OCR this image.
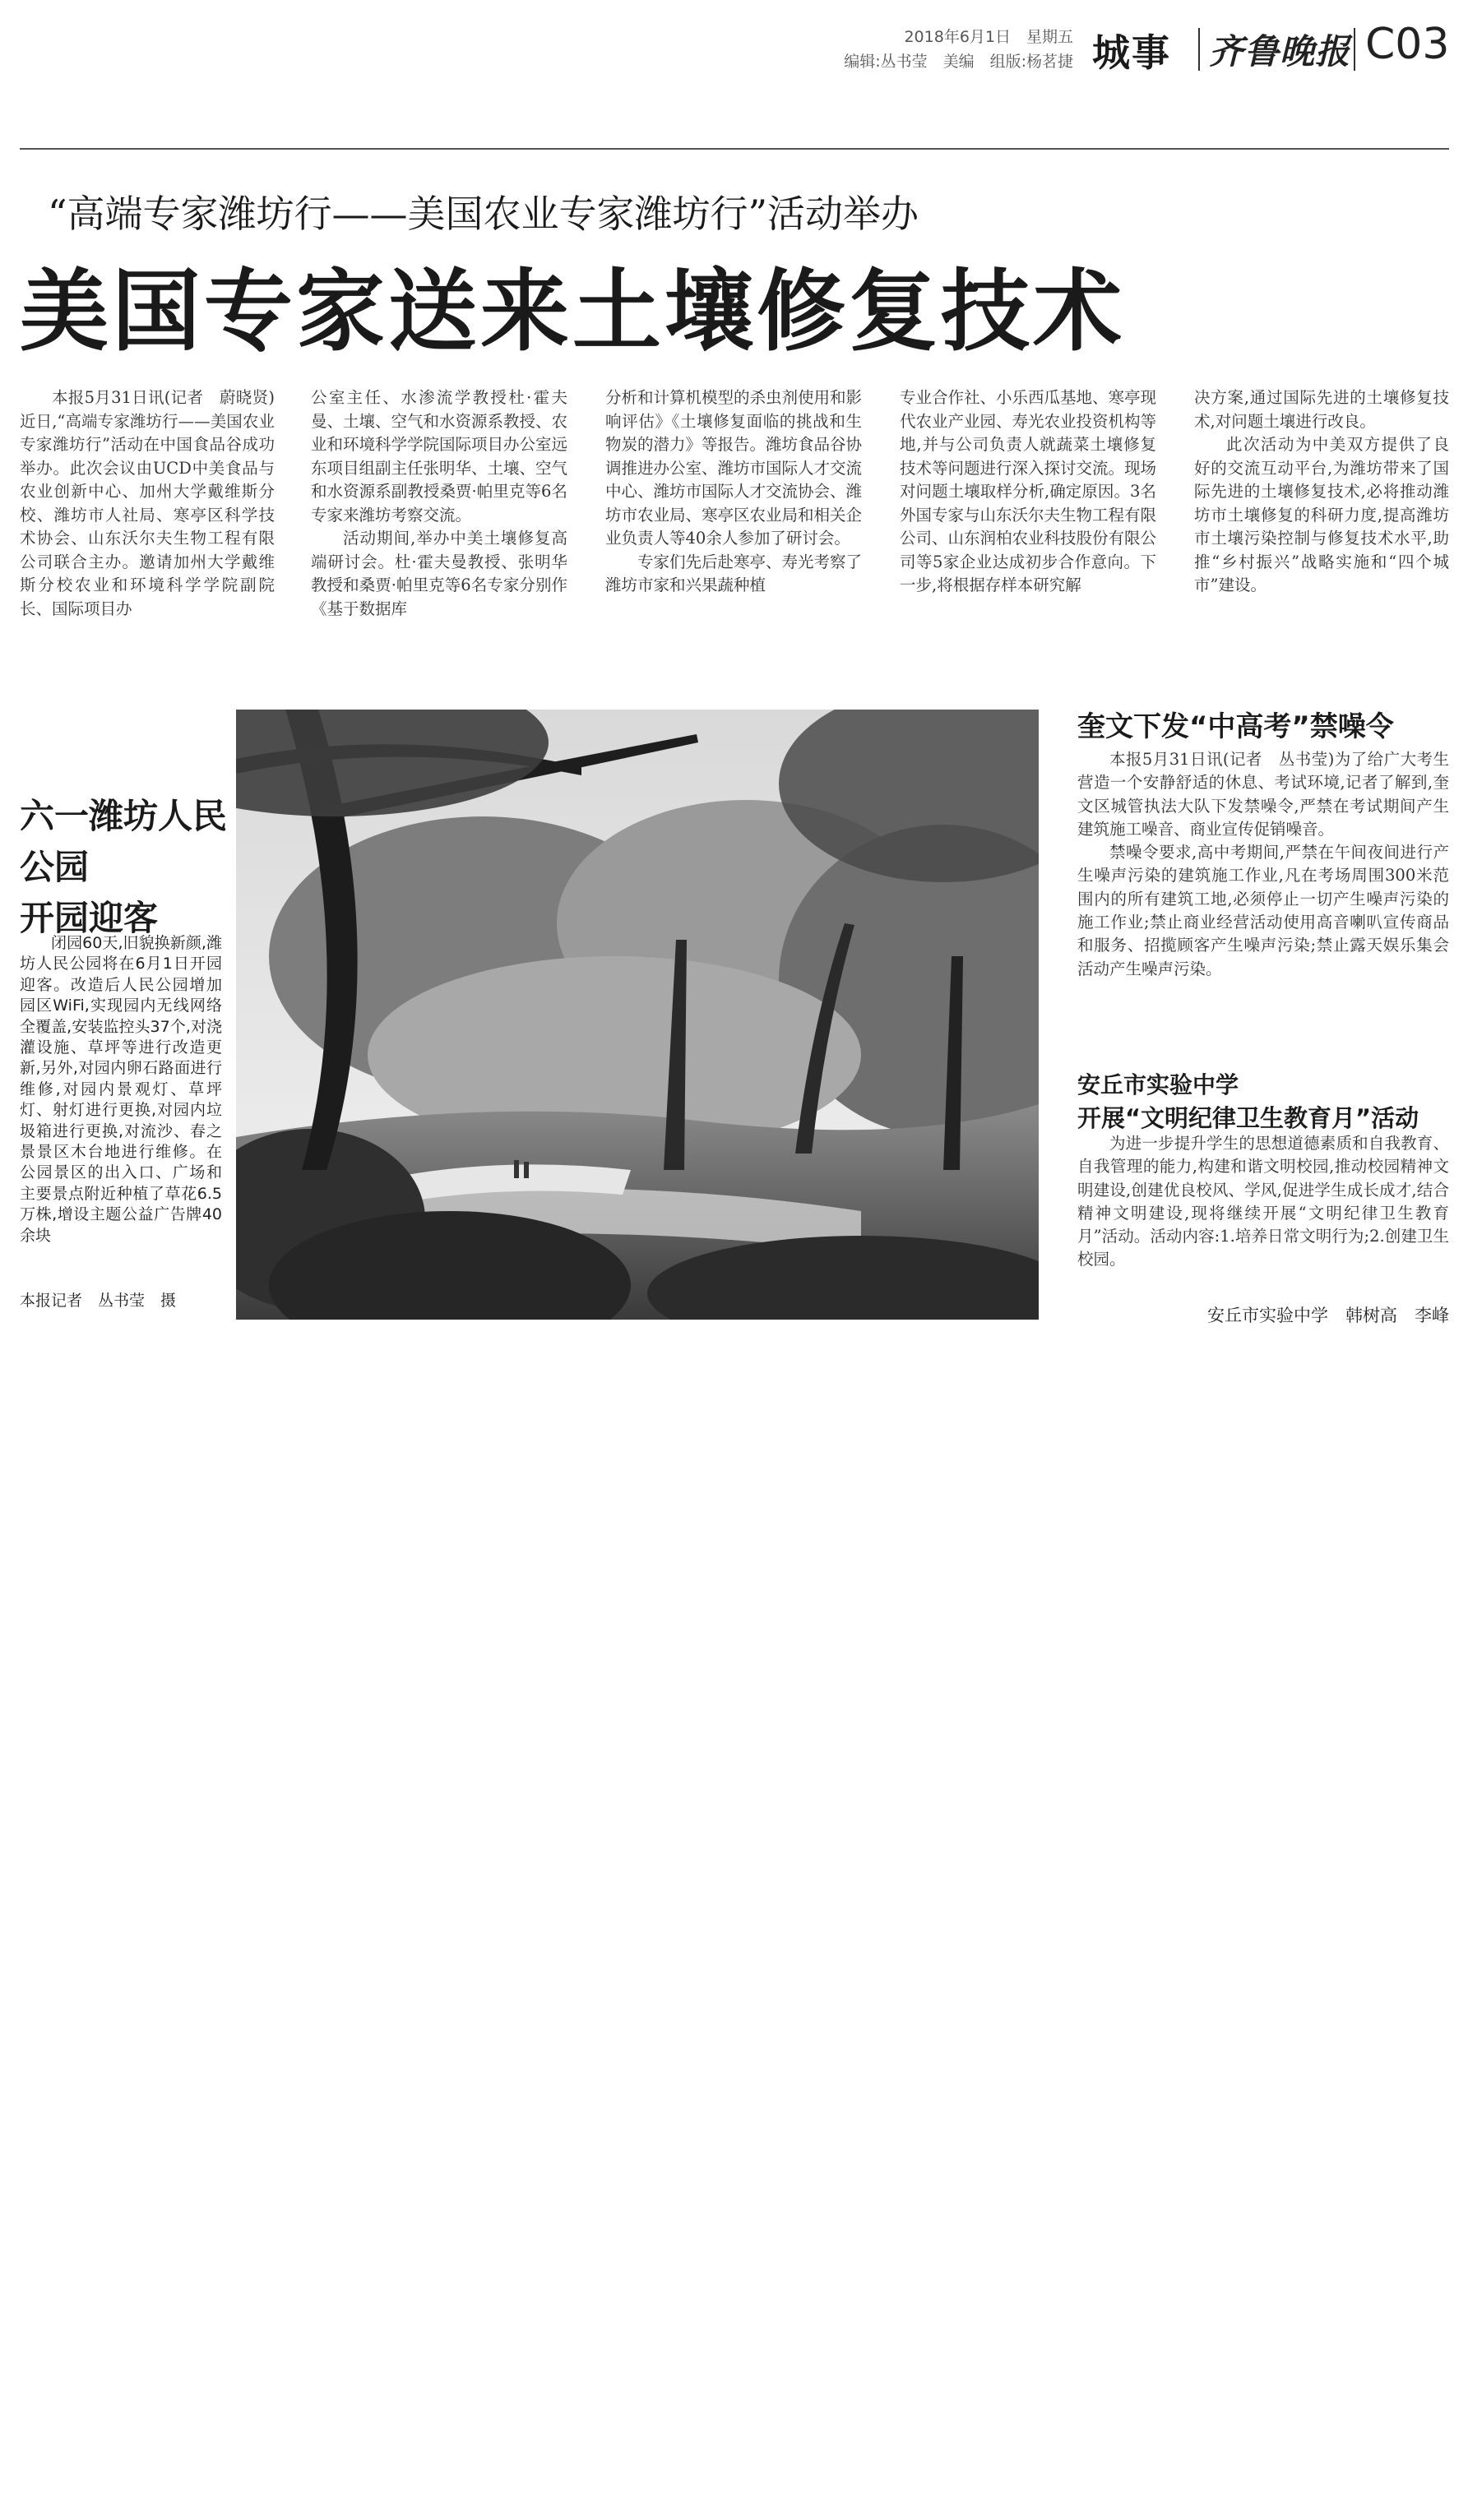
2018年6月1日　星期五
编辑:丛书莹　美编　组版:杨茗捷 城事 齐鲁晚报 C03
“高端专家潍坊行——美国农业专家潍坊行”活动举办
美国专家送来土壤修复技术

本报5月31日讯(记者　蔚晓贤)近日,“高端专家潍坊行——美国农业专家潍坊行”活动在中国食品谷成功举办。此次会议由UCD中美食品与农业创新中心、加州大学戴维斯分校、潍坊市人社局、寒亭区科学技术协会、山东沃尔夫生物工程有限公司联合主办。邀请加州大学戴维斯分校农业和环境科学学院副院长、国际项目办

公室主任、水渗流学教授杜·霍夫曼、土壤、空气和水资源系教授、农业和环境科学学院国际项目办公室远东项目组副主任张明华、土壤、空气和水资源系副教授桑贾·帕里克等6名专家来潍坊考察交流。

活动期间,举办中美土壤修复高端研讨会。杜·霍夫曼教授、张明华教授和桑贾·帕里克等6名专家分别作《基于数据库

分析和计算机模型的杀虫剂使用和影响评估》《土壤修复面临的挑战和生物炭的潜力》等报告。潍坊食品谷协调推进办公室、潍坊市国际人才交流中心、潍坊市国际人才交流协会、潍坊市农业局、寒亭区农业局和相关企业负责人等40余人参加了研讨会。

专家们先后赴寒亭、寿光考察了潍坊市家和兴果蔬种植

专业合作社、小乐西瓜基地、寒亭现代农业产业园、寿光农业投资机构等地,并与公司负责人就蔬菜土壤修复技术等问题进行深入探讨交流。现场对问题土壤取样分析,确定原因。3名外国专家与山东沃尔夫生物工程有限公司、山东润柏农业科技股份有限公司等5家企业达成初步合作意向。下一步,将根据存样本研究解

决方案,通过国际先进的土壤修复技术,对问题土壤进行改良。

此次活动为中美双方提供了良好的交流互动平台,为潍坊带来了国际先进的土壤修复技术,必将推动潍坊市土壤修复的科研力度,提高潍坊市土壤污染控制与修复技术水平,助推“乡村振兴”战略实施和“四个城市”建设。

六一潍坊人民公园
开园迎客

闭园60天,旧貌换新颜,潍坊人民公园将在6月1日开园迎客。改造后人民公园增加园区WiFi,实现园内无线网络全覆盖,安装监控头37个,对浇灌设施、草坪等进行改造更新,另外,对园内卵石路面进行维修,对园内景观灯、草坪灯、射灯进行更换,对园内垃圾箱进行更换,对流沙、春之景景区木台地进行维修。在公园景区的出入口、广场和主要景点附近种植了草花6.5万株,增设主题公益广告牌40余块

本报记者　丛书莹　摄
奎文下发“中高考”禁噪令

本报5月31日讯(记者　丛书莹)为了给广大考生营造一个安静舒适的休息、考试环境,记者了解到,奎文区城管执法大队下发禁噪令,严禁在考试期间产生建筑施工噪音、商业宣传促销噪音。

禁噪令要求,高中考期间,严禁在午间夜间进行产生噪声污染的建筑施工作业,凡在考场周围300米范围内的所有建筑工地,必须停止一切产生噪声污染的施工作业;禁止商业经营活动使用高音喇叭宣传商品和服务、招揽顾客产生噪声污染;禁止露天娱乐集会活动产生噪声污染。

安丘市实验中学
开展“文明纪律卫生教育月”活动

为进一步提升学生的思想道德素质和自我教育、自我管理的能力,构建和谐文明校园,推动校园精神文明建设,创建优良校风、学风,促进学生成长成才,结合精神文明建设,现将继续开展“文明纪律卫生教育月”活动。活动内容:1.培养日常文明行为;2.创建卫生校园。

安丘市实验中学　韩树高　李峰
